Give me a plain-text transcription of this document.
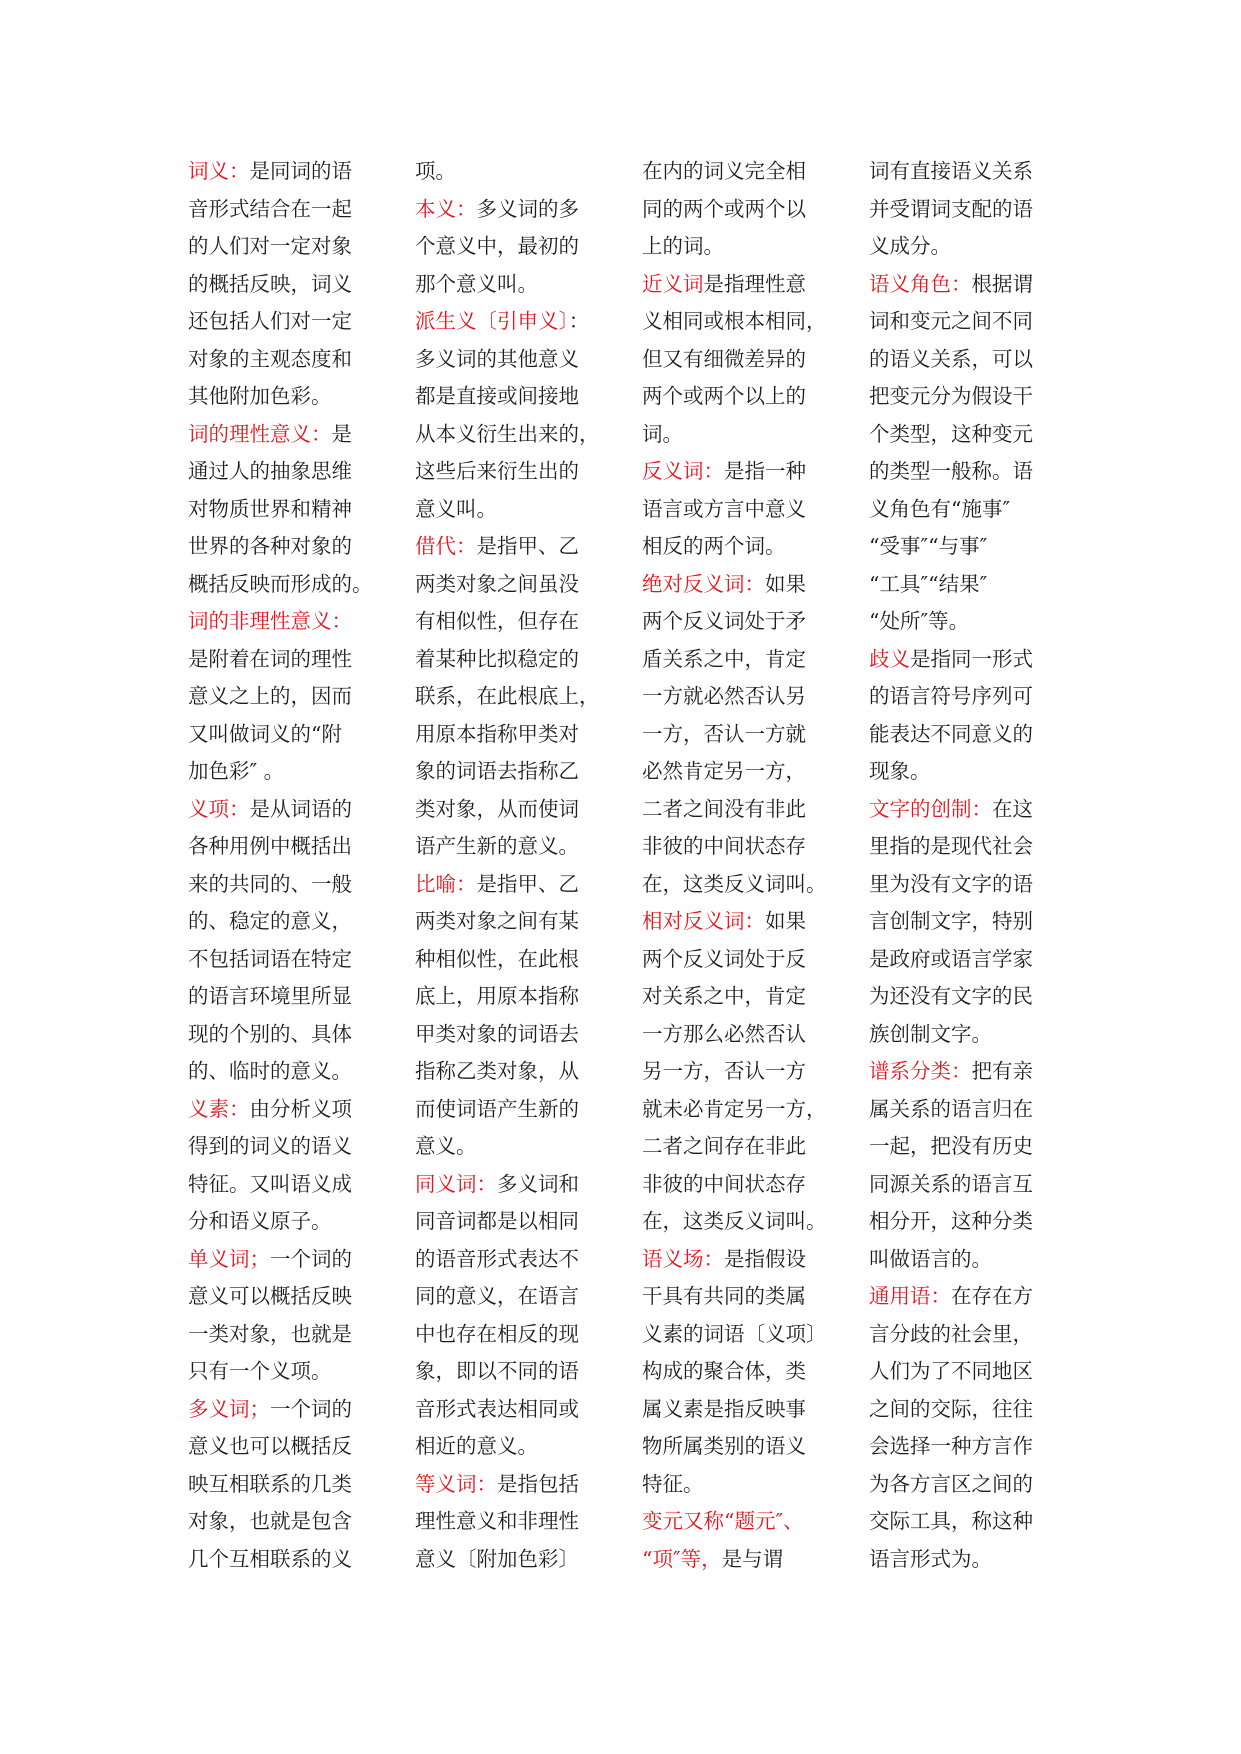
词义：是同词的语
音形式结合在一起
的人们对一定对象
的概括反映，词义
还包括人们对一定
对象的主观态度和
其他附加色彩。
词的理性意义：是
通过人的抽象思维
对物质世界和精神
世界的各种对象的
概括反映而形成的。
词的非理性意义：
是附着在词的理性
意义之上的，因而
又叫做词义的“附
加色彩″ 。
义项：是从词语的
各种用例中概括出
来的共同的、一般
的、稳定的意义，
不包括词语在特定
的语言环境里所显
现的个别的、具体
的、临时的意义。
义素：由分析义项
得到的词义的语义
特征。又叫语义成
分和语义原子。
单义词；一个词的
意义可以概括反映
一类对象，也就是
只有一个义项。
多义词；一个词的
意义也可以概括反
映互相联系的几类
对象，也就是包含
几个互相联系的义
项。
本义：多义词的多
个意义中，最初的
那个意义叫。
派生义〔引申义〕：
多义词的其他意义
都是直接或间接地
从本义衍生出来的，
这些后来衍生出的
意义叫。
借代：是指甲、乙
两类对象之间虽没
有相似性，但存在
着某种比拟稳定的
联系，在此根底上，
用原本指称甲类对
象的词语去指称乙
类对象，从而使词
语产生新的意义。
比喻：是指甲、乙
两类对象之间有某
种相似性，在此根
底上，用原本指称
甲类对象的词语去
指称乙类对象，从
而使词语产生新的
意义。
同义词：多义词和
同音词都是以相同
的语音形式表达不
同的意义，在语言
中也存在相反的现
象，即以不同的语
音形式表达相同或
相近的意义。
等义词：是指包括
理性意义和非理性
意义〔附加色彩〕
在内的词义完全相
同的两个或两个以
上的词。
近义词是指理性意
义相同或根本相同，
但又有细微差异的
两个或两个以上的
词。
反义词：是指一种
语言或方言中意义
相反的两个词。
绝对反义词：如果
两个反义词处于矛
盾关系之中，肯定
一方就必然否认另
一方，否认一方就
必然肯定另一方，
二者之间没有非此
非彼的中间状态存
在，这类反义词叫。
相对反义词：如果
两个反义词处于反
对关系之中，肯定
一方那么必然否认
另一方，否认一方
就未必肯定另一方，
二者之间存在非此
非彼的中间状态存
在，这类反义词叫。
语义场：是指假设
干具有共同的类属
义素的词语〔义项〕
构成的聚合体，类
属义素是指反映事
物所属类别的语义
特征。
变元又称“题元″、
“项″等，是与谓
词有直接语义关系
并受谓词支配的语
义成分。
语义角色：根据谓
词和变元之间不同
的语义关系，可以
把变元分为假设干
个类型，这种变元
的类型一般称。语
义角色有“施事″
“受事″“与事″
“工具″“结果″
“处所″等。
歧义是指同一形式
的语言符号序列可
能表达不同意义的
现象。
文字的创制：在这
里指的是现代社会
里为没有文字的语
言创制文字，特别
是政府或语言学家
为还没有文字的民
族创制文字。
谱系分类：把有亲
属关系的语言归在
一起，把没有历史
同源关系的语言互
相分开，这种分类
叫做语言的。
通用语：在存在方
言分歧的社会里，
人们为了不同地区
之间的交际，往往
会选择一种方言作
为各方言区之间的
交际工具，称这种
语言形式为。
